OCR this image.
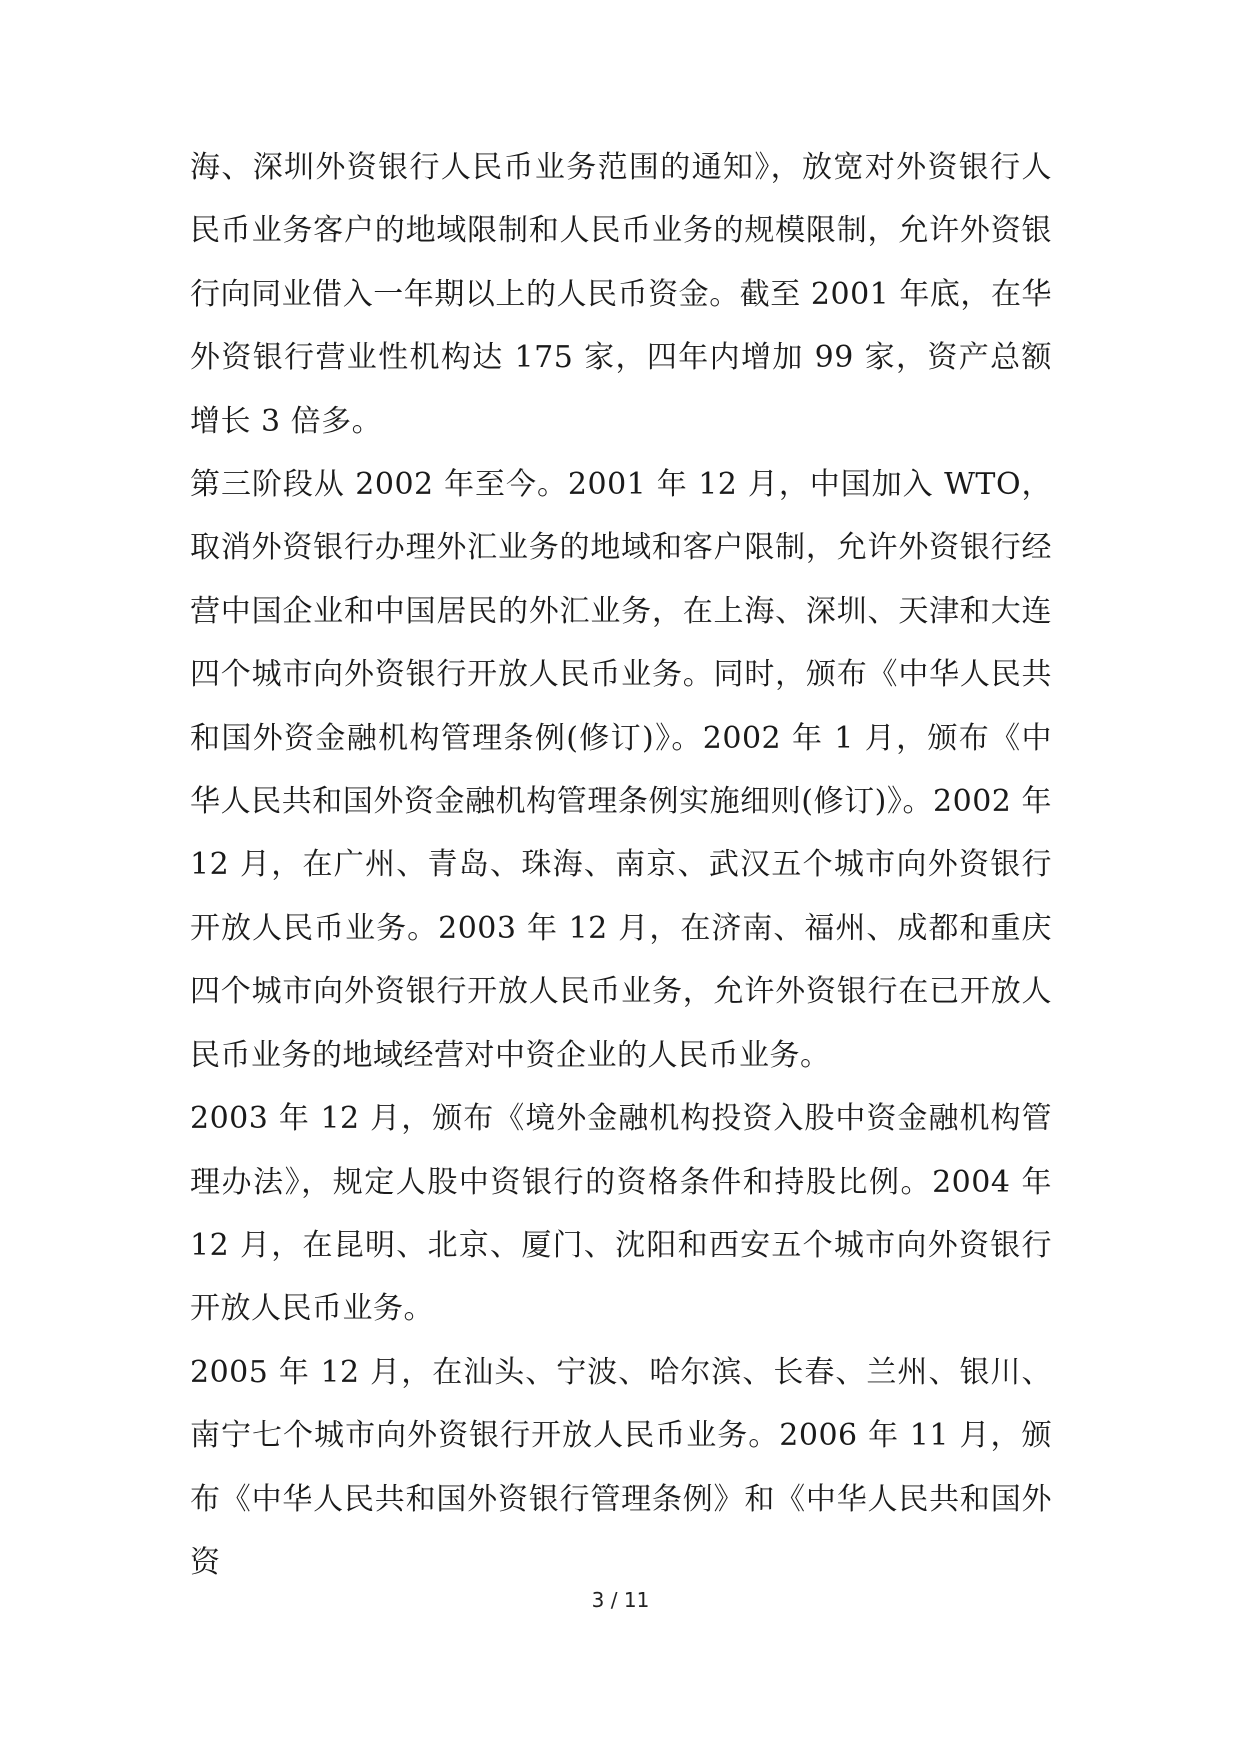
海、深圳外资银行人民币业务范围的通知》，放宽对外资银行人民币业务客户的地域限制和人民币业务的规模限制，允许外资银行向同业借入一年期以上的人民币资金。截至 2001 年底，在华外资银行营业性机构达 175 家，四年内增加 99 家，资产总额增长 3 倍多。

第三阶段从 2002 年至今。2001 年 12 月，中国加入 WTO，取消外资银行办理外汇业务的地域和客户限制，允许外资银行经营中国企业和中国居民的外汇业务，在上海、深圳、天津和大连四个城市向外资银行开放人民币业务。同时，颁布《中华人民共和国外资金融机构管理条例(修订)》。2002 年 1 月，颁布《中华人民共和国外资金融机构管理条例实施细则(修订)》。2002 年 12 月，在广州、青岛、珠海、南京、武汉五个城市向外资银行开放人民币业务。2003 年 12 月，在济南、福州、成都和重庆四个城市向外资银行开放人民币业务，允许外资银行在已开放人民币业务的地域经营对中资企业的人民币业务。

2003 年 12 月，颁布《境外金融机构投资入股中资金融机构管理办法》，规定人股中资银行的资格条件和持股比例。2004 年 12 月，在昆明、北京、厦门、沈阳和西安五个城市向外资银行开放人民币业务。

2005 年 12 月，在汕头、宁波、哈尔滨、长春、兰州、银川、南宁七个城市向外资银行开放人民币业务。2006 年 11 月，颁布《中华人民共和国外资银行管理条例》和《中华人民共和国外资

3 / 11
